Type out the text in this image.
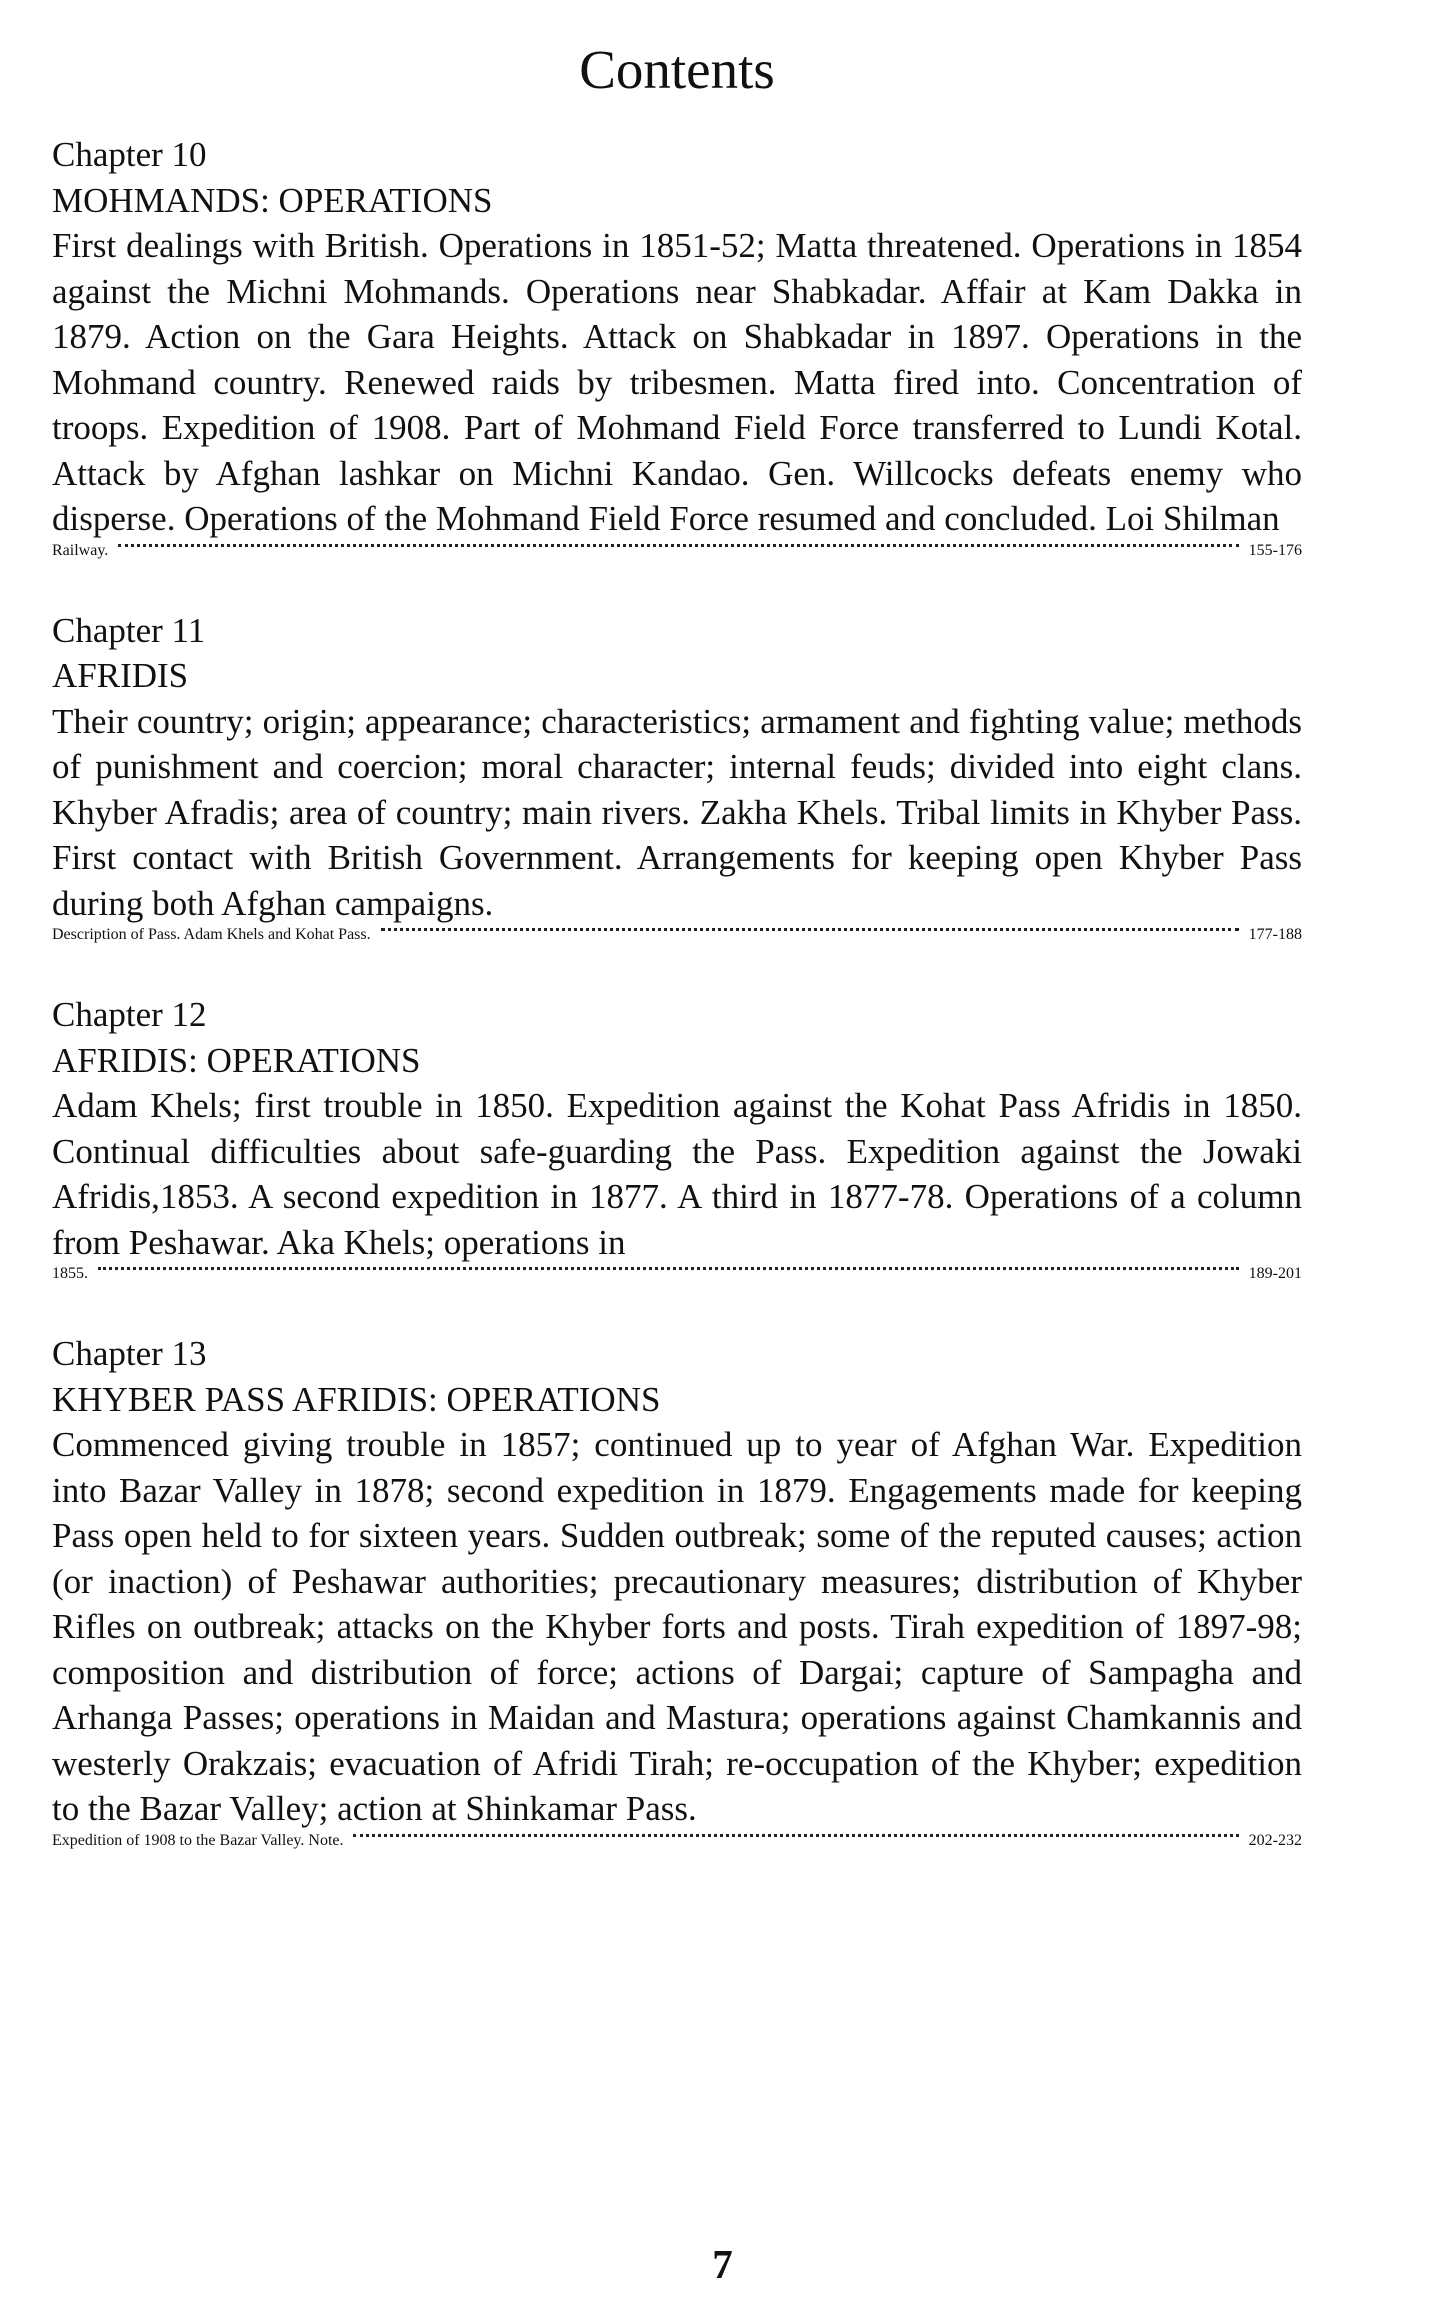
Contents
Chapter 10
MOHMANDS: OPERATIONS
First dealings with British. Operations in 1851-52; Matta threatened. Operations in 1854 against the Michni Mohmands. Operations near Shabkadar. Affair at Kam Dakka in 1879. Action on the Gara Heights. Attack on Shabkadar in 1897. Operations in the Mohmand country. Renewed raids by tribesmen. Matta fired into. Concentration of troops. Expedition of 1908. Part of Mohmand Field Force transferred to Lundi Kotal. Attack by Afghan lashkar on Michni Kandao. Gen. Willcocks defeats enemy who disperse. Operations of the Mohmand Field Force resumed and concluded. Loi Shilman
Railway.	155-176
Chapter 11
AFRIDIS
Their country; origin; appearance; characteristics; armament and fighting value; methods of punishment and coercion; moral character; internal feuds; divided into eight clans. Khyber Afradis; area of country; main rivers. Zakha Khels. Tribal limits in Khyber Pass. First contact with British Government. Arrangements for keeping open Khyber Pass during both Afghan campaigns.
Description of Pass. Adam Khels and Kohat Pass.	177-188
Chapter 12
AFRIDIS: OPERATIONS
Adam Khels; first trouble in 1850. Expedition against the Kohat Pass Afridis in 1850. Continual difficulties about safe-guarding the Pass. Expedition against the Jowaki Afridis,1853. A second expedition in 1877. A third in 1877-78. Operations of a column from Peshawar. Aka Khels; operations in
1855.	189-201
Chapter 13
KHYBER PASS AFRIDIS: OPERATIONS
Commenced giving trouble in 1857; continued up to year of Afghan War. Expedition into Bazar Valley in 1878; second expedition in 1879. Engagements made for keeping Pass open held to for sixteen years. Sudden outbreak; some of the reputed causes; action (or inaction) of Peshawar authorities; precautionary measures; distribution of Khyber Rifles on outbreak; attacks on the Khyber forts and posts. Tirah expedition of 1897-98; composition and distribution of force; actions of Dargai; capture of Sampagha and Arhanga Passes; operations in Maidan and Mastura; operations against Chamkannis and westerly Orakzais; evacuation of Afridi Tirah; re-occupation of the Khyber; expedition to the Bazar Valley; action at Shinkamar Pass.
Expedition of 1908 to the Bazar Valley. Note.	202-232
7
